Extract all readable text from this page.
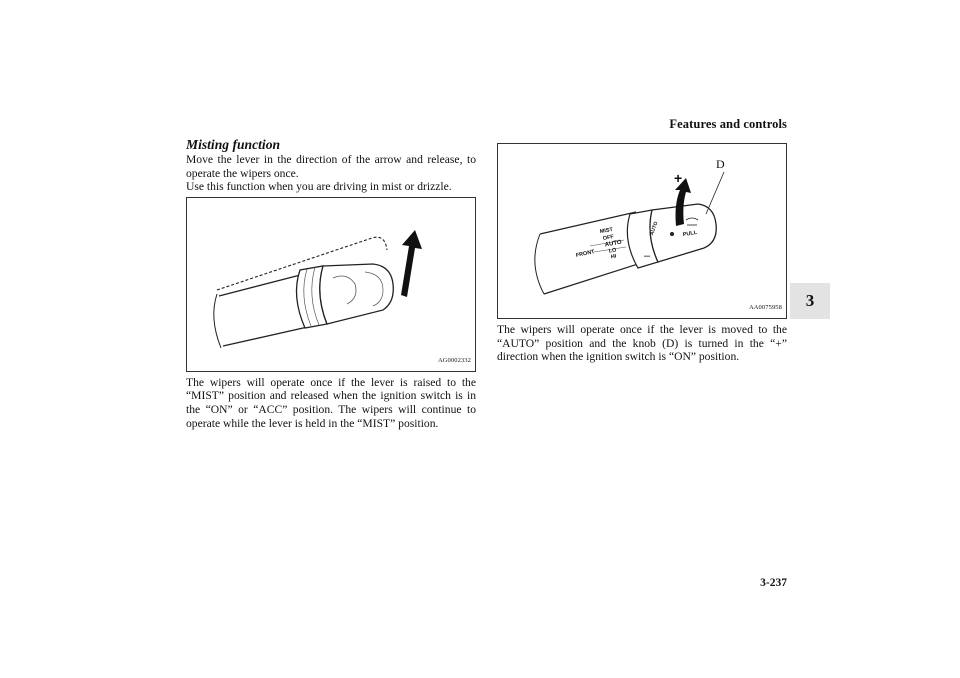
Features and controls
3
3-237
Misting function

Move the lever in the direction of the arrow and release, to operate the wipers once.

Use this function when you are driving in mist or drizzle.

AG0002332

The wipers will operate once if the lever is raised to the “MIST” position and released when the ignition switch is in the “ON” or “ACC” position. The wipers will continue to operate while the lever is held in the “MIST” position.

D
+
–
MIST
OFF
AUTO
LO
HI
FRONT
AUTO	PULL
AA0075958

The wipers will operate once if the lever is moved to the “AUTO” position and the knob (D) is turned in the “+” direction when the ignition switch is “ON” position.
